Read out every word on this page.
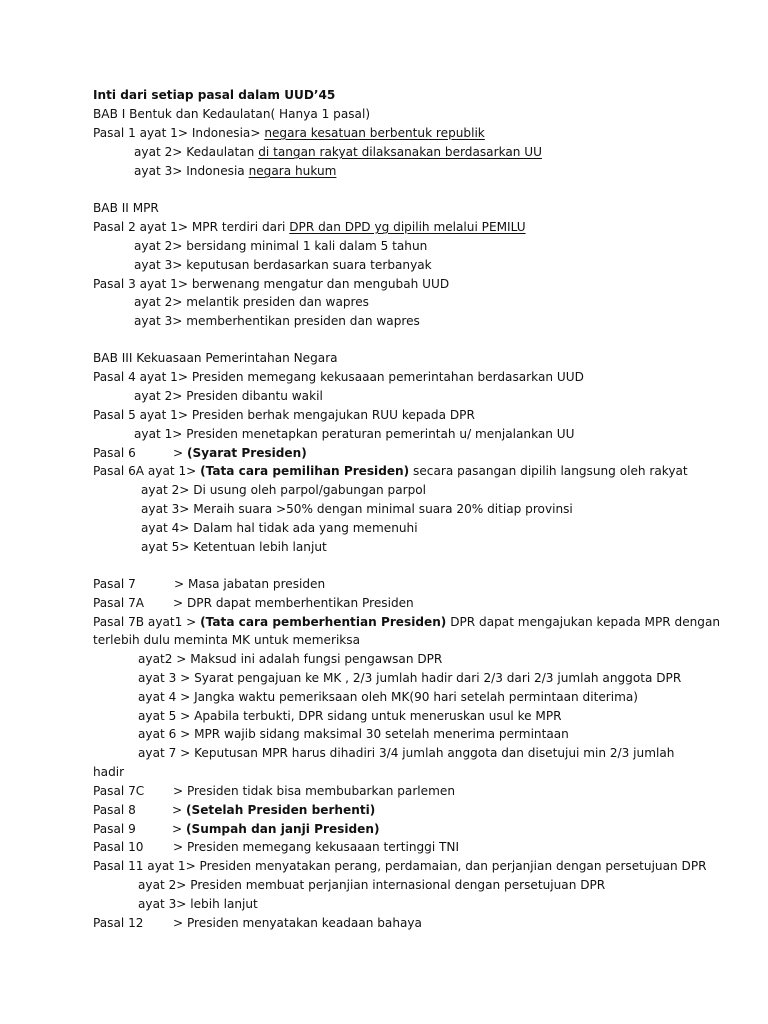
Inti dari setiap pasal dalam UUD’45
BAB I Bentuk dan Kedaulatan( Hanya 1 pasal)
Pasal 1 ayat 1> Indonesia> negara kesatuan berbentuk republik
ayat 2> Kedaulatan di tangan rakyat dilaksanakan berdasarkan UU
ayat 3> Indonesia negara hukum
BAB II MPR
Pasal 2 ayat 1> MPR terdiri dari DPR dan DPD yg dipilih melalui PEMILU
ayat 2> bersidang minimal 1 kali dalam 5 tahun
ayat 3> keputusan berdasarkan suara terbanyak
Pasal 3 ayat 1> berwenang mengatur dan mengubah UUD
ayat 2> melantik presiden dan wapres
ayat 3> memberhentikan presiden dan wapres
BAB III Kekuasaan Pemerintahan Negara
Pasal 4 ayat 1> Presiden memegang kekusaaan pemerintahan berdasarkan UUD
ayat 2> Presiden dibantu wakil
Pasal 5 ayat 1> Presiden berhak mengajukan RUU kepada DPR
ayat 1> Presiden menetapkan peraturan pemerintah u/ menjalankan UU
Pasal 6	> (Syarat Presiden)
Pasal 6A ayat 1> (Tata cara pemilihan Presiden) secara pasangan dipilih langsung oleh rakyat
ayat 2> Di usung oleh parpol/gabungan parpol
ayat 3> Meraih suara >50% dengan minimal suara 20% ditiap provinsi
ayat 4> Dalam hal tidak ada yang memenuhi
ayat 5> Ketentuan lebih lanjut
Pasal 7	> Masa jabatan presiden
Pasal 7A > DPR dapat memberhentikan Presiden
Pasal 7B ayat1 > (Tata cara pemberhentian Presiden) DPR dapat mengajukan kepada MPR dengan
terlebih dulu meminta MK untuk memeriksa
ayat2 > Maksud ini adalah fungsi pengawsan DPR
ayat 3 > Syarat pengajuan ke MK , 2/3 jumlah hadir dari 2/3 dari 2/3 jumlah anggota DPR
ayat 4 > Jangka waktu pemeriksaan oleh MK(90 hari setelah permintaan diterima)
ayat 5 > Apabila terbukti, DPR sidang untuk meneruskan usul ke MPR
ayat 6 > MPR wajib sidang maksimal 30 setelah menerima permintaan
ayat 7 > Keputusan MPR harus dihadiri 3/4 jumlah anggota dan disetujui min 2/3 jumlah
hadir
Pasal 7C > Presiden tidak bisa membubarkan parlemen
Pasal 8	> (Setelah Presiden berhenti)
Pasal 9	> (Sumpah dan janji Presiden)
Pasal 10 > Presiden memegang kekusaaan tertinggi TNI
Pasal 11 ayat 1> Presiden menyatakan perang, perdamaian, dan perjanjian dengan persetujuan DPR
ayat 2> Presiden membuat perjanjian internasional dengan persetujuan DPR
ayat 3> lebih lanjut
Pasal 12 > Presiden menyatakan keadaan bahaya
